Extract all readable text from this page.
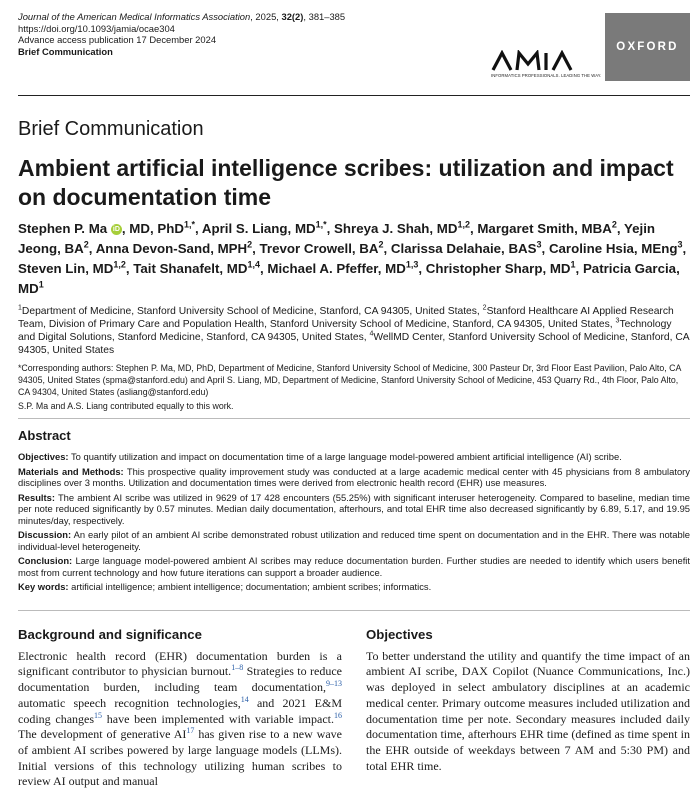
Journal of the American Medical Informatics Association, 2025, 32(2), 381–385
https://doi.org/10.1093/jamia/ocae304
Advance access publication 17 December 2024
Brief Communication
INFORMATICS PROFESSIONALS. LEADING THE WAY.
OXFORD
Brief Communication
Ambient artificial intelligence scribes: utilization and impact on documentation time
Stephen P. Ma iD , MD, PhD$^{1,*}$, April S. Liang, $MD^{1,*}$, Shreya J. Shah, MD$^{1,2}$, Margaret Smith, MBA$^2$, Yejin Jeong, $BA^2$, Anna Devon-Sand, MPH$^2$, Trevor Crowell, $BA^2$, Clarissa Delahaie, BAS$^3$, Caroline Hsia, MEng$^3$, Steven Lin, MD$^{1,2}$, Tait Shanafelt, MD$^{1,4}$, Michael A. Pfeffer, MD$^{1,3}$, Christopher Sharp, $MD^1$, Patricia Garcia, $MD^1$
$^1$Department of Medicine, Stanford University School of Medicine, Stanford, CA 94305, United States, $^2$Stanford Healthcare AI Applied Research Team, Division of Primary Care and Population Health, Stanford University School of Medicine, Stanford, CA 94305, United States, $^3$Technology and Digital Solutions, Stanford Medicine, Stanford, CA 94305, United States, $^4$WellMD Center, Stanford University School of Medicine, Stanford, CA 94305, United States
*Corresponding authors: Stephen P. Ma, MD, PhD, Department of Medicine, Stanford University School of Medicine, 300 Pasteur Dr, 3rd Floor East Pavilion, Palo Alto, CA 94305, United States (spma@stanford.edu) and April S. Liang, MD, Department of Medicine, Stanford University School of Medicine, 453 Quarry Rd., 4th Floor, Palo Alto, CA 94304, United States (asliang@stanford.edu)
S.P. Ma and A.S. Liang contributed equally to this work.
Abstract

Objectives: To quantify utilization and impact on documentation time of a large language model-powered ambient artificial intelligence (AI) scribe.

Materials and Methods: This prospective quality improvement study was conducted at a large academic medical center with 45 physicians from 8 ambulatory disciplines over 3 months. Utilization and documentation times were derived from electronic health record (EHR) use measures.

Results: The ambient AI scribe was utilized in 9629 of 17 428 encounters (55.25%) with significant interuser heterogeneity. Compared to baseline, median time per note reduced significantly by 0.57 minutes. Median daily documentation, afterhours, and total EHR time also decreased significantly by 6.89, 5.17, and 19.95 minutes/day, respectively.

Discussion: An early pilot of an ambient AI scribe demonstrated robust utilization and reduced time spent on documentation and in the EHR. There was notable individual-level heterogeneity.

Conclusion: Large language model-powered ambient AI scribes may reduce documentation burden. Further studies are needed to identify which users benefit most from current technology and how future iterations can support a broader audience.

Key words: artificial intelligence; ambient intelligence; documentation; ambient scribes; informatics.

Background and significance

Electronic health record (EHR) documentation burden is a significant contributor to physician burnout.$^{1-8}$ Strategies to reduce documentation burden, including team documentation,$^{9-13}$ automatic speech recognition technologies,$^{14}$ and 2021 E&M coding changes$^{15}$ have been implemented with variable impact.$^{16}$ The development of generative AI$^{17}$ has given rise to a new wave of ambient AI scribes powered by large language models (LLMs). Initial versions of this technology utilizing human scribes to review AI output and manual

Objectives

To better understand the utility and quantify the time impact of an ambient AI scribe, DAX Copilot (Nuance Communications, Inc.) was deployed in select ambulatory disciplines at an academic medical center. Primary outcome measures included utilization and documentation time per note. Secondary measures included daily documentation time, afterhours EHR time (defined as time spent in the EHR outside of weekdays between 7 AM and 5:30 PM) and total EHR time.
